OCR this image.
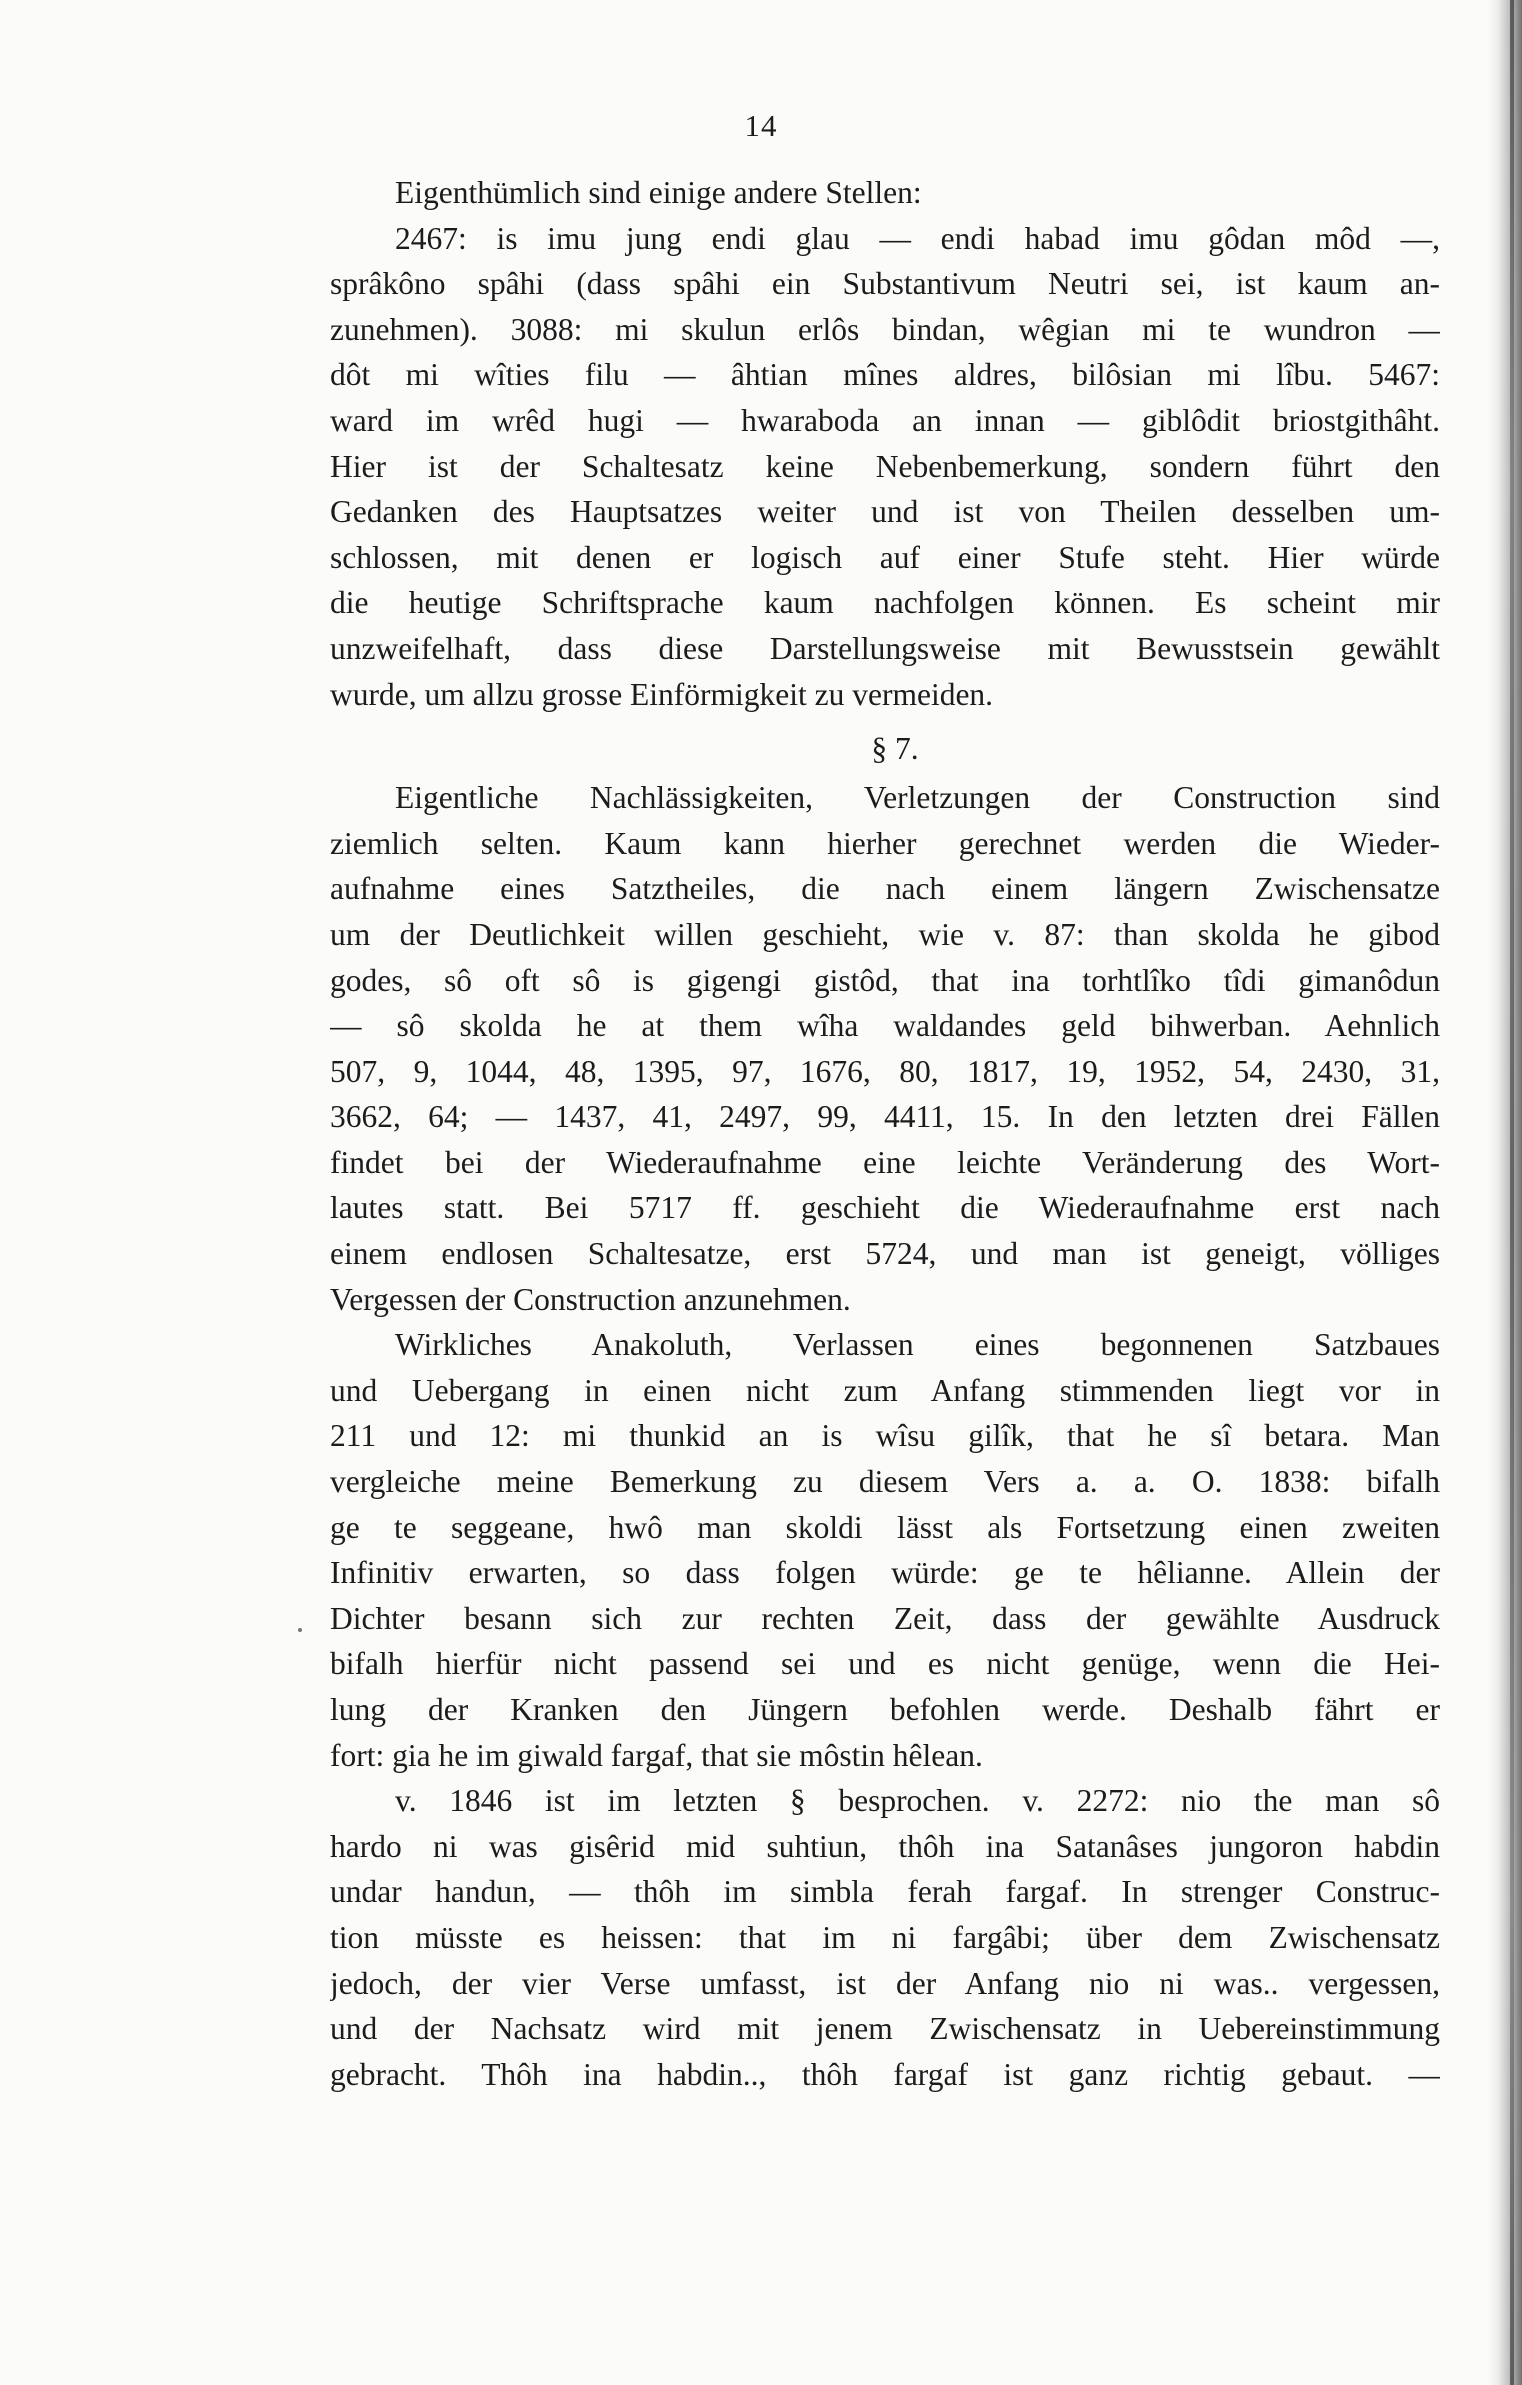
14
Eigenthümlich sind einige andere Stellen:
2467: is imu jung endi glau — endi habad imu gôdan môd —,
sprâkôno spâhi (dass spâhi ein Substantivum Neutri sei, ist kaum an-
zunehmen). 3088: mi skulun erlôs bindan, wêgian mi te wundron —
dôt mi wîties filu — âhtian mînes aldres, bilôsian mi lîbu. 5467:
ward im wrêd hugi — hwaraboda an innan — giblôdit briostgithâht.
Hier ist der Schaltesatz keine Nebenbemerkung, sondern führt den
Gedanken des Hauptsatzes weiter und ist von Theilen desselben um-
schlossen, mit denen er logisch auf einer Stufe steht. Hier würde
die heutige Schriftsprache kaum nachfolgen können. Es scheint mir
unzweifelhaft, dass diese Darstellungsweise mit Bewusstsein gewählt
wurde, um allzu grosse Einförmigkeit zu vermeiden.
§ 7.
Eigentliche Nachlässigkeiten, Verletzungen der Construction sind
ziemlich selten. Kaum kann hierher gerechnet werden die Wieder-
aufnahme eines Satztheiles, die nach einem längern Zwischensatze
um der Deutlichkeit willen geschieht, wie v. 87: than skolda he gibod
godes, sô oft sô is gigengi gistôd, that ina torhtlîko tîdi gimanôdun
— sô skolda he at them wîha waldandes geld bihwerban. Aehnlich
507, 9, 1044, 48, 1395, 97, 1676, 80, 1817, 19, 1952, 54, 2430, 31,
3662, 64; — 1437, 41, 2497, 99, 4411, 15. In den letzten drei Fällen
findet bei der Wiederaufnahme eine leichte Veränderung des Wort-
lautes statt. Bei 5717 ff. geschieht die Wiederaufnahme erst nach
einem endlosen Schaltesatze, erst 5724, und man ist geneigt, völliges
Vergessen der Construction anzunehmen.
Wirkliches Anakoluth, Verlassen eines begonnenen Satzbaues
und Uebergang in einen nicht zum Anfang stimmenden liegt vor in
211 und 12: mi thunkid an is wîsu gilîk, that he sî betara. Man
vergleiche meine Bemerkung zu diesem Vers a. a. O. 1838: bifalh
ge te seggeane, hwô man skoldi lässt als Fortsetzung einen zweiten
Infinitiv erwarten, so dass folgen würde: ge te hêlianne. Allein der
Dichter besann sich zur rechten Zeit, dass der gewählte Ausdruck
bifalh hierfür nicht passend sei und es nicht genüge, wenn die Hei-
lung der Kranken den Jüngern befohlen werde. Deshalb fährt er
fort: gia he im giwald fargaf, that sie môstin hêlean.
v. 1846 ist im letzten § besprochen. v. 2272: nio the man sô
hardo ni was gisêrid mid suhtiun, thôh ina Satanâses jungoron habdin
undar handun, — thôh im simbla ferah fargaf. In strenger Construc-
tion müsste es heissen: that im ni fargâbi; über dem Zwischensatz
jedoch, der vier Verse umfasst, ist der Anfang nio ni was.. vergessen,
und der Nachsatz wird mit jenem Zwischensatz in Uebereinstimmung
gebracht. Thôh ina habdin.., thôh fargaf ist ganz richtig gebaut. —
